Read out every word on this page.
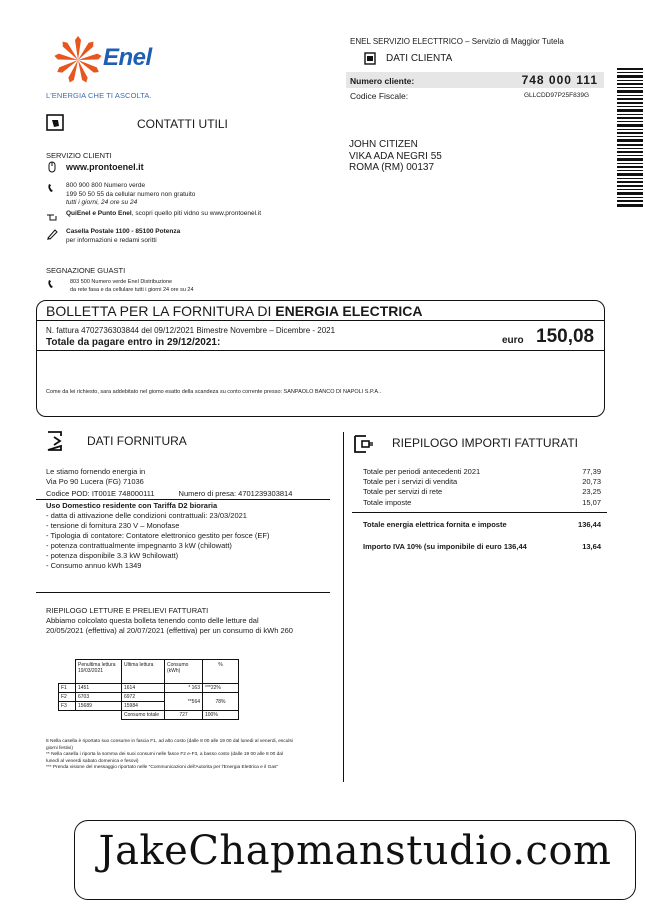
Enel
L'ENERGIA CHE TI ASCOLTA.
ENEL SERVIZIO ELECTTRICO – Servizio di Maggior Tutela
DATI CLIENTA
Numero cliente:	748 000 111
Codice Fiscale:	GLLCDD97P25F839G
CONTATTI UTILI
JOHN CITIZEN
VIKA ADA NEGRI 55
ROMA (RM) 00137
SERVIZIO CLIENTI
www.prontoenel.it
800 900 800 Numero verde
199 50 50 55 da cellular numero non gratuito
tutti i giorni, 24 ore su 24
QuiEnel e Punto Enel, scopri quello piti vidno su www.prontoenel.it
Casella Postale 1100 - 85100 Potenza
per informazioni e redami soritti
SEGNAZIONE GUASTI
803 500 Numero verde Enel Distribuzione
da rete fasa e da cellulare tutti i giorni 24 ore su 24
BOLLETTA PER LA FORNITURA DI ENERGIA ELECTRICA
N. fattura 4702736303844 del 09/12/2021 Bimestre Novembre – Dicembre - 2021
Totale da pagare entro in 29/12/2021:	euro 150,08
Come da lei richiesto, sara addebitato nel giomo esatto della scandeza su conto corrente presso: SANPAOLO BANCO DI NAPOLI S.P.A..
DATI FORNITURA
Le stiamo fornendo energia in
Via Po 90 Lucera (FG) 71036
Codice POD: IT001E 748000111	Numero di presa: 4701239303814
Uso Domestico residente con Tariffa D2 bioraria
- datta di attivazione delle condizioni contrattuali: 23/03/2021
- tensione di fornitura 230 V – Monofase
- Tipologia di contatore: Contatore elettronico gestito per fosce (EF)
- potenza contrattualmente impegnanto 3 kW (chilowatt)
- potenza disponibile 3.3 kW 9chilowatt)
- Consumo annuo kWh 1349
RIEPILOGO IMPORTI FATTURATI
Totale per periodi antecedenti 2021	77,39
Totale per i servizi di vendita	20,73
Totale per servizi di rete	23,25
Totale imposte	15,07
Totale energia elettrica fornita e imposte	136,44
Importo IVA 10% (su imponibile di euro 136,44	13,64
RIEPILOGO LETTURE E PRELIEVI FATTURATI
Abbiamo colcolato questa bolleta tenendo conto delle letture dal 20/05/2021 (effettiva) al 20/07/2021 (effettiva) per un consumo di kWh 260
	Penultima lettura 19/03/2021	Ultima lettura	Consumo (kWh)	%
F1	1451	1614	* 163	***22%
F2	6703	6972	**564	78%
F3	15689	15984		
		Consumo totale	727	100%
8 Nella casella è riportato suo consume in fascia F1, ad alto costo (dalle 8 00 alle 19 00 dal lunedi al venerdi, esculsi giorni festivi)
** Nella casella i riporta la somma dei suoi consumi nelle fasce F2 e-F3, a basso costo (dalle 19 00 alle 8 00 dal lunedì al venerdi sabato domenica e fesovi)
*** Prenda visione del messaggio riportato nelle "Communicazioni dell'Autorita per l'Energia Elettrica e il Gas"
JakeChapmanstudio.com
